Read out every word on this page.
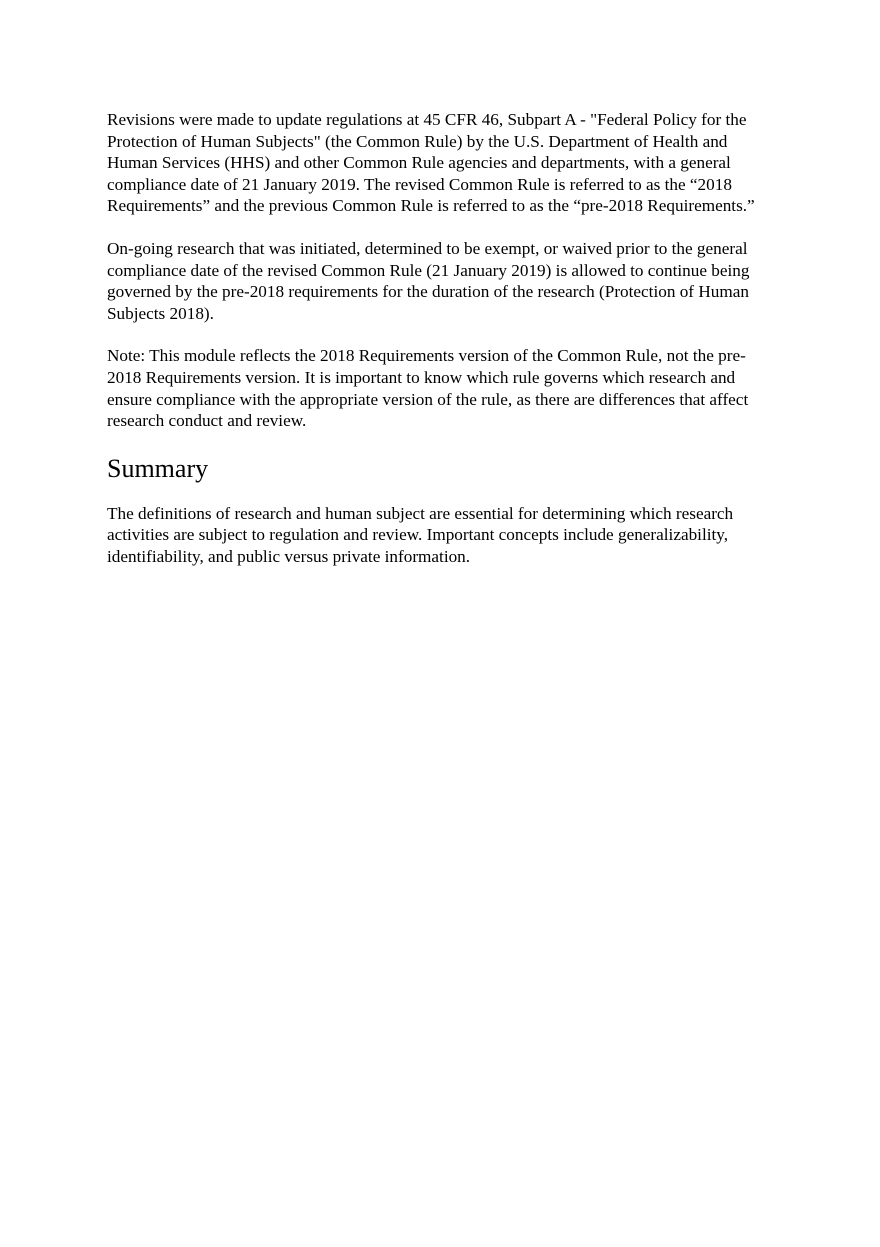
Revisions were made to update regulations at 45 CFR 46, Subpart A - "Federal Policy for the Protection of Human Subjects" (the Common Rule) by the U.S. Department of Health and Human Services (HHS) and other Common Rule agencies and departments, with a general compliance date of 21 January 2019. The revised Common Rule is referred to as the “2018 Requirements” and the previous Common Rule is referred to as the “pre-2018 Requirements.”

On-going research that was initiated, determined to be exempt, or waived prior to the general compliance date of the revised Common Rule (21 January 2019) is allowed to continue being governed by the pre-2018 requirements for the duration of the research (Protection of Human Subjects 2018).

Note: This module reflects the 2018 Requirements version of the Common Rule, not the pre-2018 Requirements version. It is important to know which rule governs which research and ensure compliance with the appropriate version of the rule, as there are differences that affect research conduct and review.

Summary

The definitions of research and human subject are essential for determining which research activities are subject to regulation and review. Important concepts include generalizability, identifiability, and public versus private information.
